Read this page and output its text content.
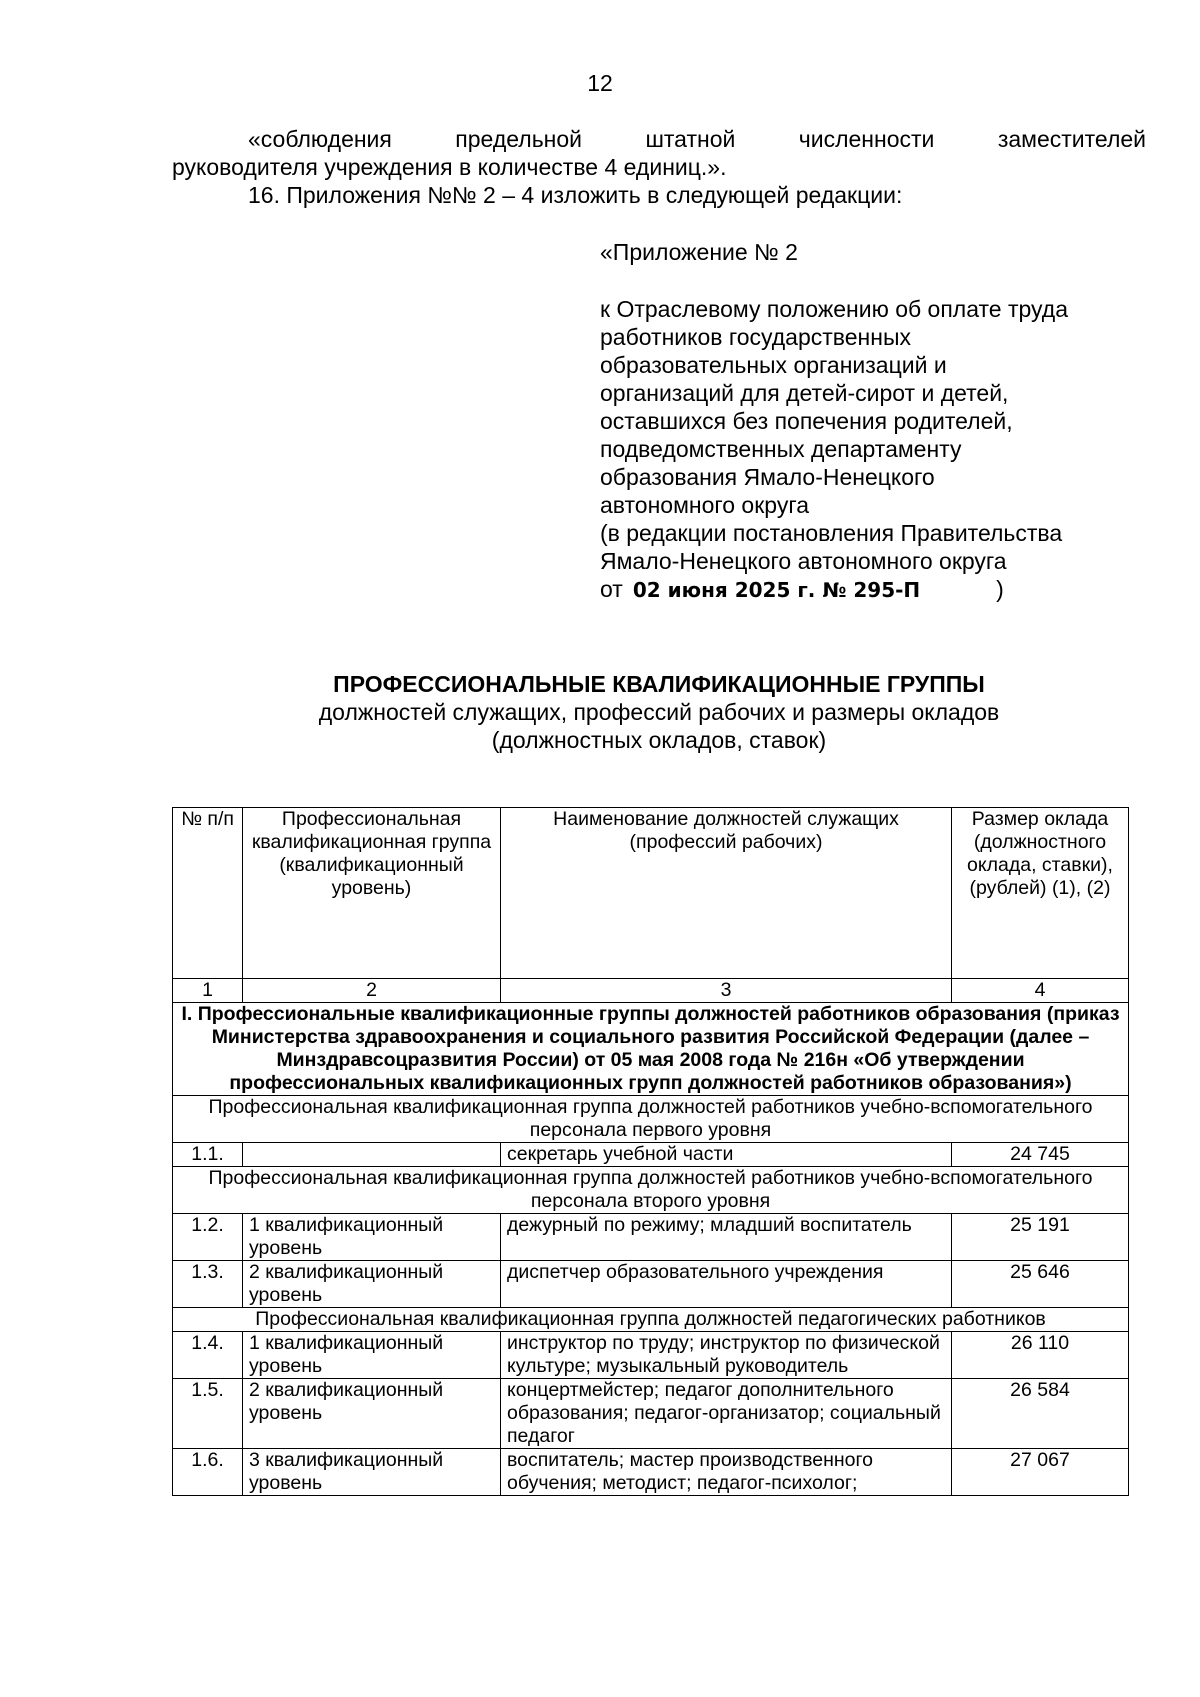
12
«соблюдения	предельной	штатной	численности	заместителей
руководителя учреждения в количестве 4 единиц.».
16. Приложения №№ 2 – 4 изложить в следующей редакции:
«Приложение № 2
к Отраслевому положению об оплате труда
работников государственных
образовательных организаций и
организаций для детей-сирот и детей,
оставшихся без попечения родителей,
подведомственных департаменту
образования Ямало-Ненецкого
автономного округа
(в редакции постановления Правительства
Ямало-Ненецкого автономного округа
от 02 июня 2025 г. № 295-П	)
ПРОФЕССИОНАЛЬНЫЕ КВАЛИФИКАЦИОННЫЕ ГРУППЫ
должностей служащих, профессий рабочих и размеры окладов
(должностных окладов, ставок)
№ п/п	Профессиональная квалификационная группа (квалификационный уровень)	Наименование должностей служащих (профессий рабочих)	Размер оклада (должностного оклада, ставки), (рублей) (1), (2)
1	2	3	4
I. Профессиональные квалификационные группы должностей работников образования (приказ Министерства здравоохранения и социального развития Российской Федерации (далее – Минздравсоцразвития России) от 05 мая 2008 года № 216н «Об утверждении профессиональных квалификационных групп должностей работников образования»)			
Профессиональная квалификационная группа должностей работников учебно-вспомогательного персонала первого уровня			
1.1.		секретарь учебной части	24 745
Профессиональная квалификационная группа должностей работников учебно-вспомогательного персонала второго уровня			
1.2.	1 квалификационный уровень	дежурный по режиму; младший воспитатель	25 191
1.3.	2 квалификационный уровень	диспетчер образовательного учреждения	25 646
Профессиональная квалификационная группа должностей педагогических работников			
1.4.	1 квалификационный уровень	инструктор по труду; инструктор по физической культуре; музыкальный руководитель	26 110
1.5.	2 квалификационный уровень	концертмейстер; педагог дополнительного образования; педагог-организатор; социальный педагог	26 584
1.6.	3 квалификационный уровень	воспитатель; мастер производственного обучения; методист; педагог-психолог;	27 067
